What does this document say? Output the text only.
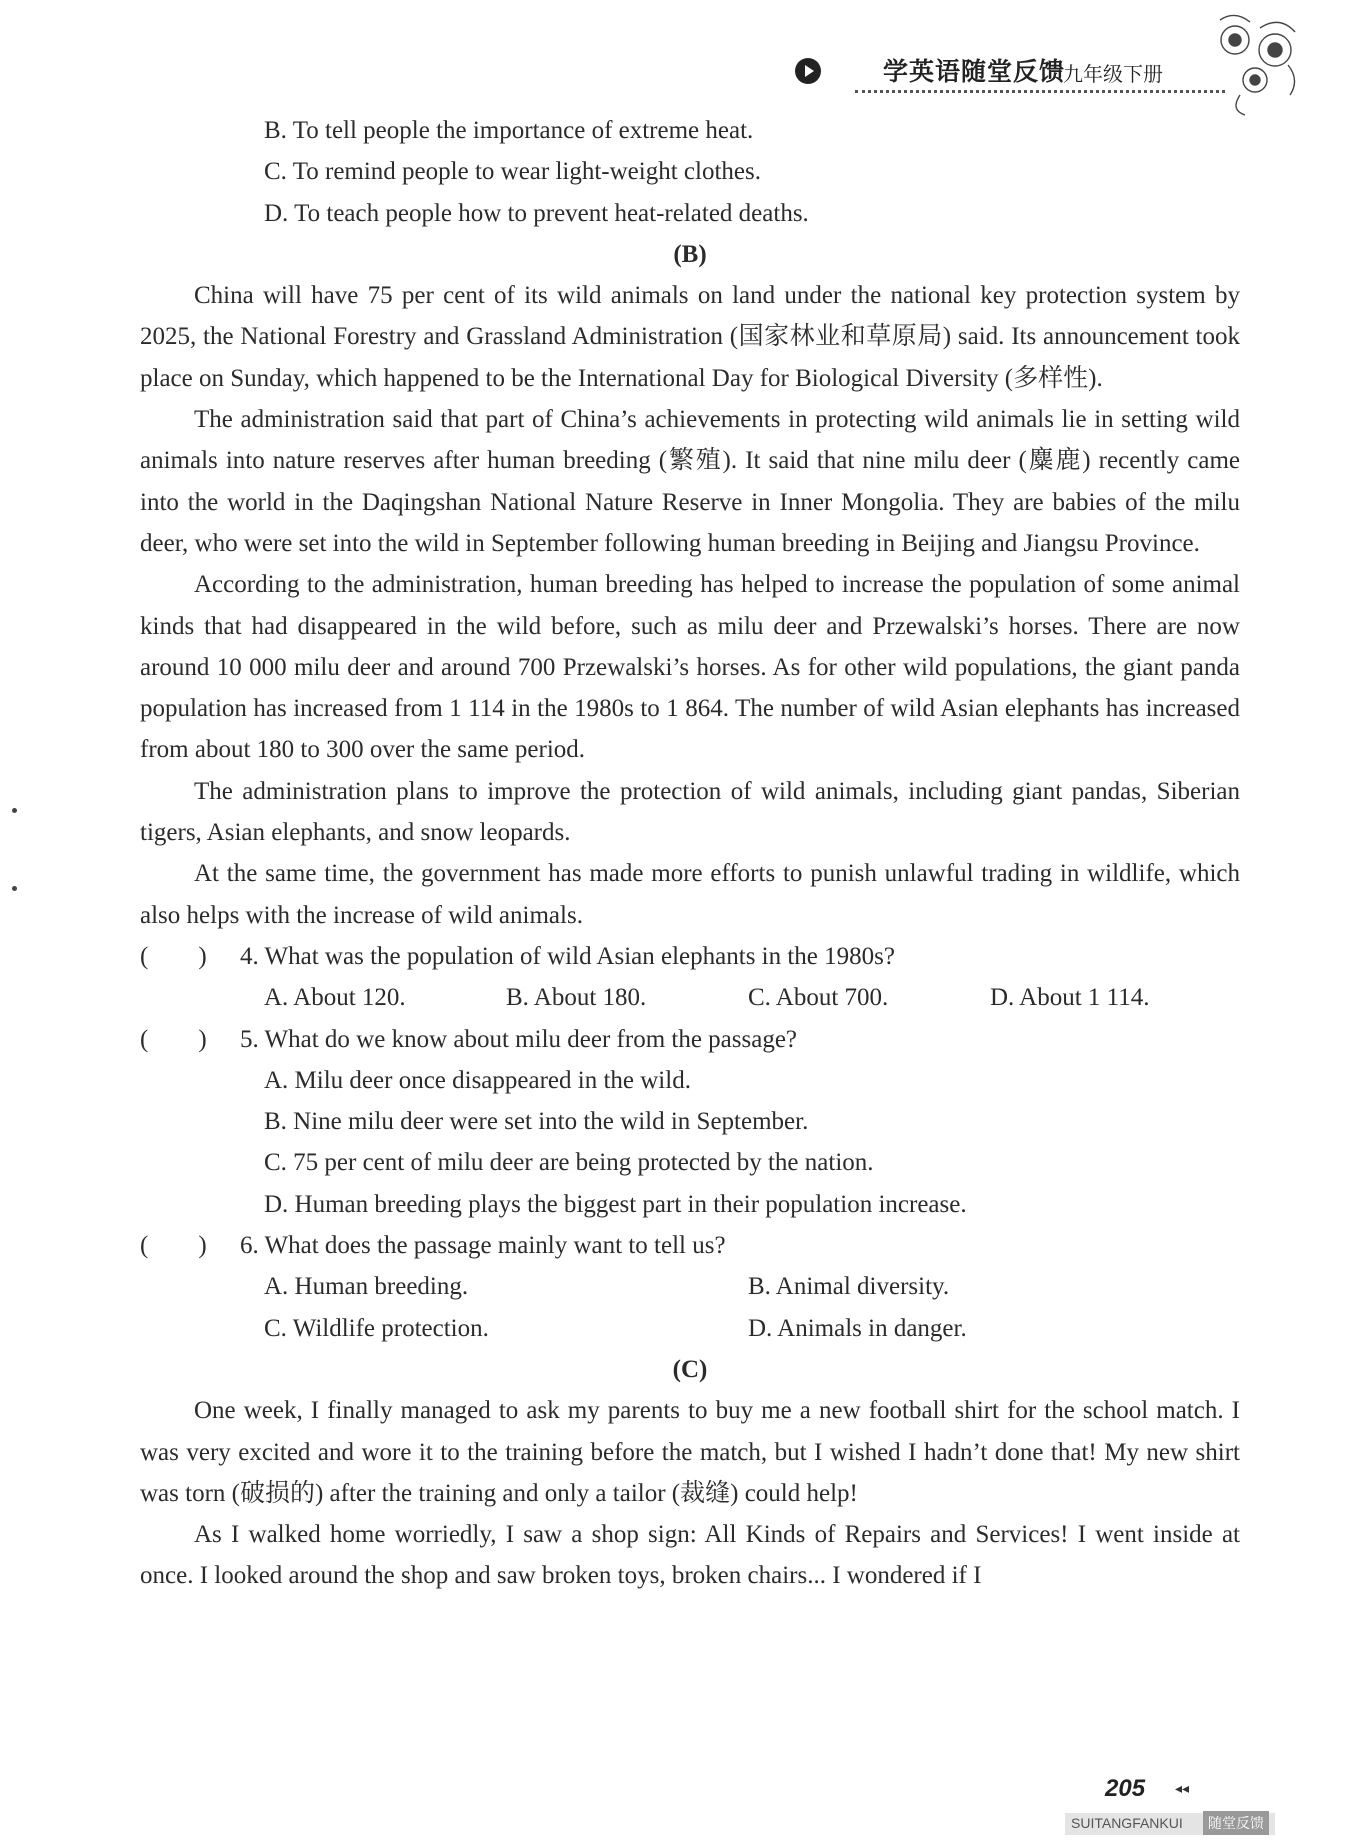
学英语随堂反馈
九年级下册
B. To tell people the importance of extreme heat.
C. To remind people to wear light-weight clothes.
D. To teach people how to prevent heat-related deaths.
(B)
China will have 75 per cent of its wild animals on land under the national key protection system by 2025, the National Forestry and Grassland Administration (国家林业和草原局) said. Its announcement took place on Sunday, which happened to be the International Day for Biological Diversity (多样性).
The administration said that part of China’s achievements in protecting wild animals lie in setting wild animals into nature reserves after human breeding (繁殖). It said that nine milu deer (麋鹿) recently came into the world in the Daqingshan National Nature Reserve in Inner Mongolia. They are babies of the milu deer, who were set into the wild in September following human breeding in Beijing and Jiangsu Province.
According to the administration, human breeding has helped to increase the population of some animal kinds that had disappeared in the wild before, such as milu deer and Przewalski’s horses. There are now around 10 000 milu deer and around 700 Przewalski’s horses. As for other wild populations, the giant panda population has increased from 1 114 in the 1980s to 1 864. The number of wild Asian elephants has increased from about 180 to 300 over the same period.
The administration plans to improve the protection of wild animals, including giant pandas, Siberian tigers, Asian elephants, and snow leopards.
At the same time, the government has made more efforts to punish unlawful trading in wildlife, which also helps with the increase of wild animals.
(　　) 4. What was the population of wild Asian elephants in the 1980s?
A. About 120.	B. About 180.	C. About 700.	D. About 1 114.
(　　) 5. What do we know about milu deer from the passage?
A. Milu deer once disappeared in the wild.
B. Nine milu deer were set into the wild in September.
C. 75 per cent of milu deer are being protected by the nation.
D. Human breeding plays the biggest part in their population increase.
(　　) 6. What does the passage mainly want to tell us?
A. Human breeding.	B. Animal diversity.
C. Wildlife protection.	D. Animals in danger.
(C)
One week, I finally managed to ask my parents to buy me a new football shirt for the school match. I was very excited and wore it to the training before the match, but I wished I hadn’t done that! My new shirt was torn (破损的) after the training and only a tailor (裁缝) could help!
As I walked home worriedly, I saw a shop sign: All Kinds of Repairs and Services! I went inside at once. I looked around the shop and saw broken toys, broken chairs... I wondered if I
205 ◂◂
SUITANGFANKUI	随堂反馈
